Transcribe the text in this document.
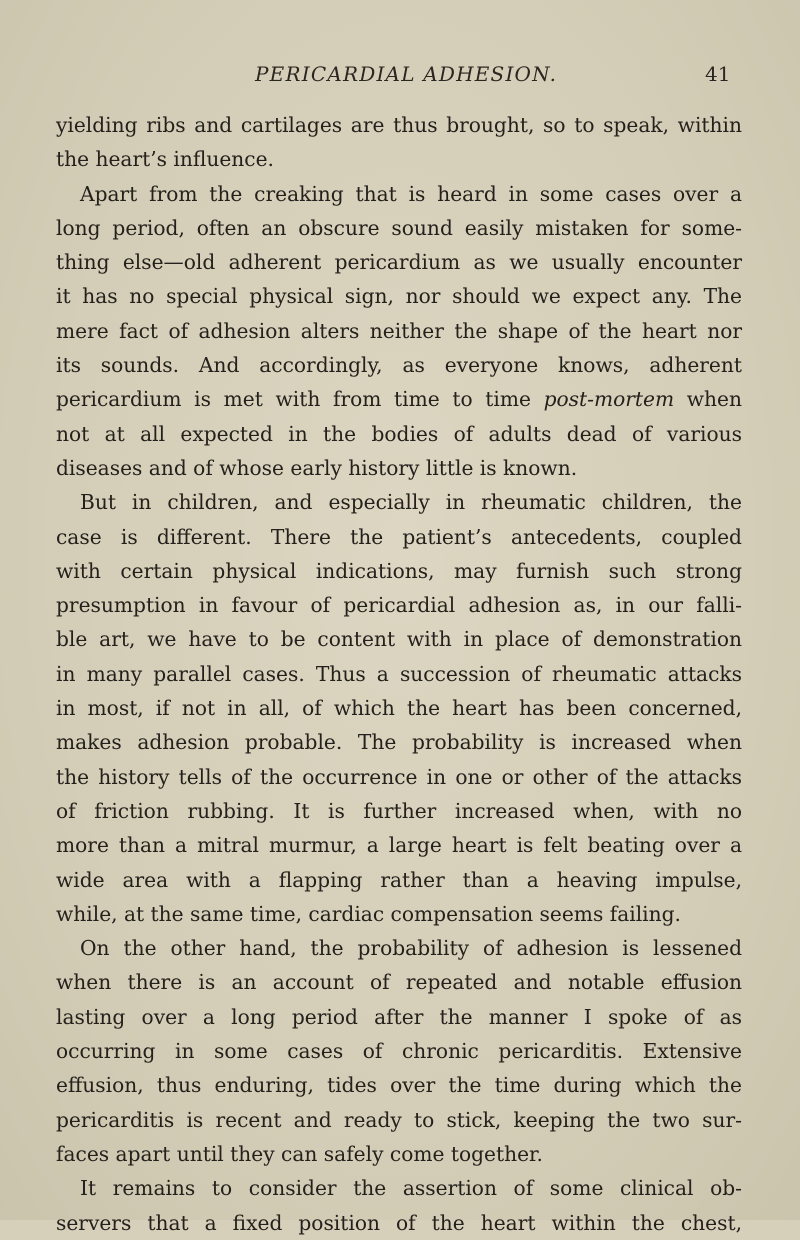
PERICARDIAL ADHESION.	41

yielding ribs and cartilages are thus brought, so to speak, within

the heart’s influence.

Apart from the creaking that is heard in some cases over a

long period, often an obscure sound easily mistaken for some-

thing else—old adherent pericardium as we usually encounter

it has no special physical sign, nor should we expect any. The

mere fact of adhesion alters neither the shape of the heart nor

its sounds. And accordingly, as everyone knows, adherent

pericardium is met with from time to time post-mortem when

not at all expected in the bodies of adults dead of various

diseases and of whose early history little is known.

But in children, and especially in rheumatic children, the

case is different. There the patient’s antecedents, coupled

with certain physical indications, may furnish such strong

presumption in favour of pericardial adhesion as, in our falli-

ble art, we have to be content with in place of demonstration

in many parallel cases. Thus a succession of rheumatic attacks

in most, if not in all, of which the heart has been concerned,

makes adhesion probable. The probability is increased when

the history tells of the occurrence in one or other of the attacks

of friction rubbing. It is further increased when, with no

more than a mitral murmur, a large heart is felt beating over a

wide area with a flapping rather than a heaving impulse,

while, at the same time, cardiac compensation seems failing.

On the other hand, the probability of adhesion is lessened

when there is an account of repeated and notable effusion

lasting over a long period after the manner I spoke of as

occurring in some cases of chronic pericarditis. Extensive

effusion, thus enduring, tides over the time during which the

pericarditis is recent and ready to stick, keeping the two sur-

faces apart until they can safely come together.

It remains to consider the assertion of some clinical ob-

servers that a fixed position of the heart within the chest,
